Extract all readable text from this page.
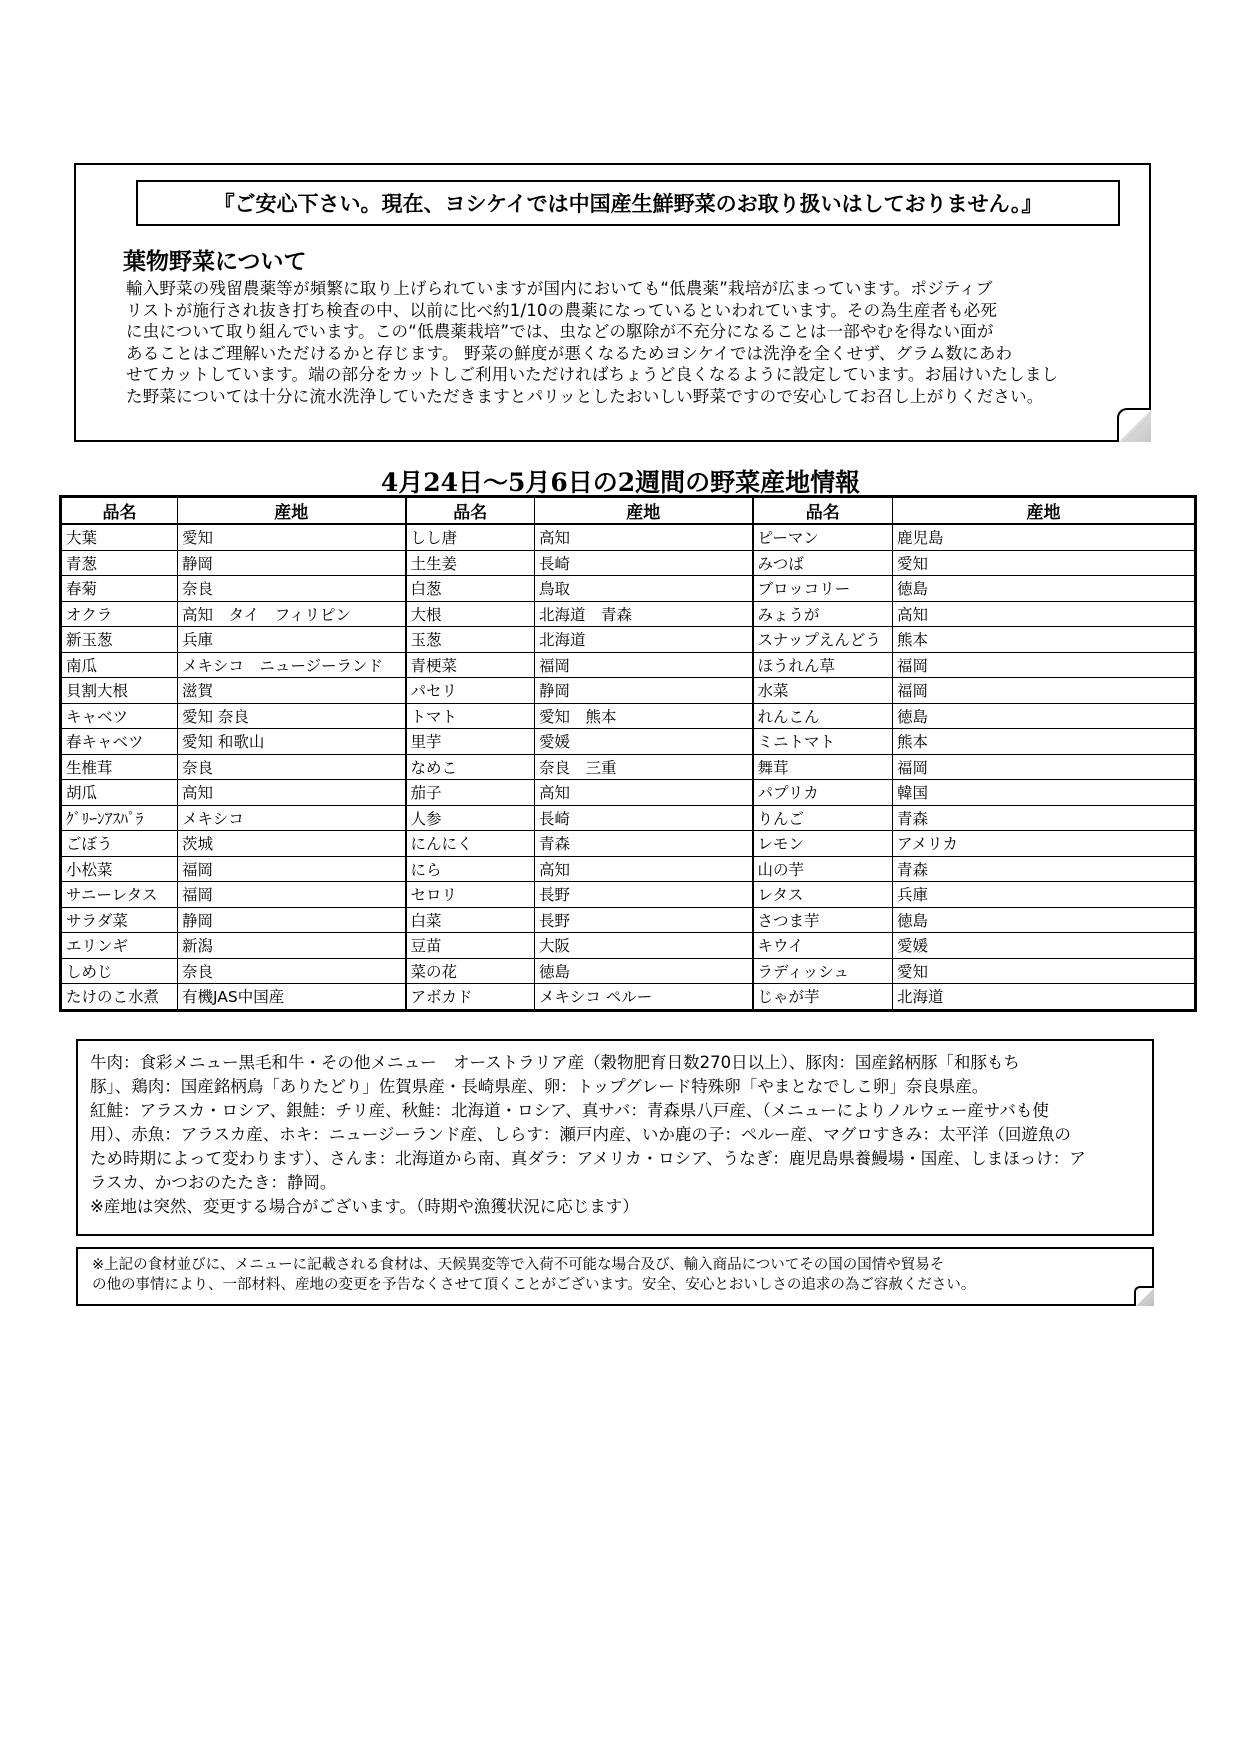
『ご安心下さい。現在、ヨシケイでは中国産生鮮野菜のお取り扱いはしておりません。』
葉物野菜について
輸入野菜の残留農薬等が頻繁に取り上げられていますが国内においても“低農薬”栽培が広まっています。ポジティブ
リストが施行され抜き打ち検査の中、以前に比べ約1/10の農薬になっているといわれています。その為生産者も必死
に虫について取り組んでいます。この“低農薬栽培”では、虫などの駆除が不充分になることは一部やむを得ない面が
あることはご理解いただけるかと存じます。 野菜の鮮度が悪くなるためヨシケイでは洗浄を全くせず、グラム数にあわ
せてカットしています。端の部分をカットしご利用いただければちょうど良くなるように設定しています。お届けいたしまし
た野菜については十分に流水洗浄していただきますとパリッとしたおいしい野菜ですので安心してお召し上がりください。
4月24日～5月6日の2週間の野菜産地情報
品名	産地	品名	産地	品名	産地
大葉	愛知	しし唐	高知	ピーマン	鹿児島
青葱	静岡	土生姜	長崎	みつば	愛知
春菊	奈良	白葱	鳥取	ブロッコリー	徳島
オクラ	高知　タイ　フィリピン	大根	北海道　青森	みょうが	高知
新玉葱	兵庫	玉葱	北海道	スナップえんどう	熊本
南瓜	メキシコ　ニュージーランド	青梗菜	福岡	ほうれん草	福岡
貝割大根	滋賀	パセリ	静岡	水菜	福岡
キャベツ	愛知 奈良	トマト	愛知　熊本	れんこん	徳島
春キャベツ	愛知 和歌山	里芋	愛媛	ミニトマト	熊本
生椎茸	奈良	なめこ	奈良　三重	舞茸	福岡
胡瓜	高知	茄子	高知	パプリカ	韓国
ｸﾞﾘｰﾝｱｽﾊﾟﾗ	メキシコ	人参	長崎	りんご	青森
ごぼう	茨城	にんにく	青森	レモン	アメリカ
小松菜	福岡	にら	高知	山の芋	青森
サニーレタス	福岡	セロリ	長野	レタス	兵庫
サラダ菜	静岡	白菜	長野	さつま芋	徳島
エリンギ	新潟	豆苗	大阪	キウイ	愛媛
しめじ	奈良	菜の花	徳島	ラディッシュ	愛知
たけのこ水煮	有機JAS中国産	アボカド	メキシコ ペルー	じゃが芋	北海道
牛肉：食彩メニュー黒毛和牛・その他メニュー　オーストラリア産（穀物肥育日数270日以上）、豚肉：国産銘柄豚「和豚もち
豚」、鶏肉：国産銘柄鳥「ありたどり」佐賀県産・長崎県産、卵：トップグレード特殊卵「やまとなでしこ卵」奈良県産。
紅鮭：アラスカ・ロシア、銀鮭：チリ産、秋鮭：北海道・ロシア、真サバ：青森県八戸産、（メニューによりノルウェー産サバも使
用）、赤魚：アラスカ産、ホキ：ニュージーランド産、しらす：瀬戸内産、いか鹿の子：ペルー産、マグロすきみ：太平洋（回遊魚の
ため時期によって変わります）、さんま：北海道から南、真ダラ：アメリカ・ロシア、うなぎ：鹿児島県養鰻場・国産、しまほっけ：ア
ラスカ、かつおのたたき：静岡。
※産地は突然、変更する場合がございます。（時期や漁獲状況に応じます）
※上記の食材並びに、メニューに記載される食材は、天候異変等で入荷不可能な場合及び、輸入商品についてその国の国情や貿易そ
の他の事情により、一部材料、産地の変更を予告なくさせて頂くことがございます。安全、安心とおいしさの追求の為ご容赦ください。
